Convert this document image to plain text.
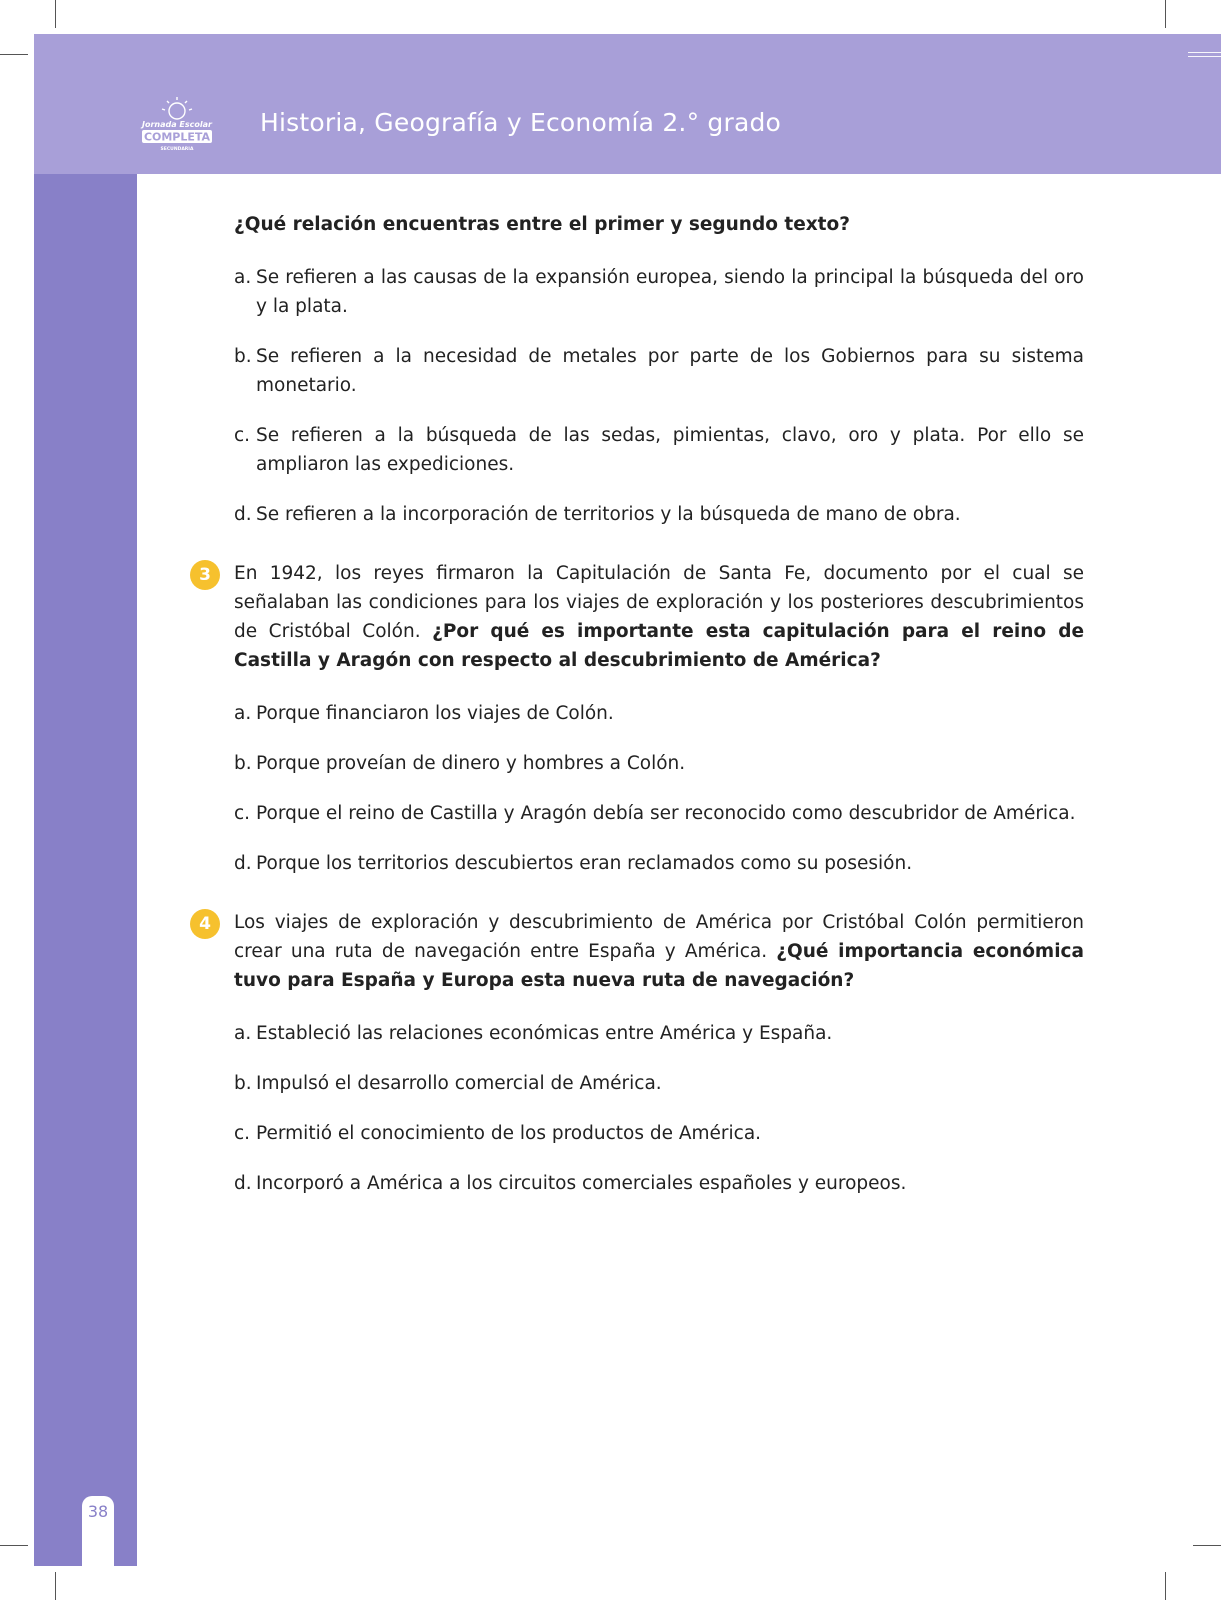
Jornada Escolar
COMPLETA
SECUNDARIA
Historia, Geografía y Economía 2.° grado
38

¿Qué relación encuentras entre el primer y segundo texto?

a. Se refieren a las causas de la expansión europea, siendo la principal la búsqueda del oro y la plata.
b. Se refieren a la necesidad de metales por parte de los Gobiernos para su sistema monetario.
c. Se refieren a la búsqueda de las sedas, pimientas, clavo, oro y plata. Por ello se ampliaron las expediciones.
d. Se refieren a la incorporación de territorios y la búsqueda de mano de obra.
3	En 1942, los reyes firmaron la Capitulación de Santa Fe, documento por el cual se señalaban las condiciones para los viajes de exploración y los posteriores descubrimientos de Cristóbal Colón. ¿Por qué es importante esta capitulación para el reino de Castilla y Aragón con respecto al descubrimiento de América?

a. Porque financiaron los viajes de Colón.
b. Porque proveían de dinero y hombres a Colón.
c. Porque el reino de Castilla y Aragón debía ser reconocido como descubridor de América.
d. Porque los territorios descubiertos eran reclamados como su posesión.
4	Los viajes de exploración y descubrimiento de América por Cristóbal Colón permitieron crear una ruta de navegación entre España y América. ¿Qué importancia económica tuvo para España y Europa esta nueva ruta de navegación?

a. Estableció las relaciones económicas entre América y España.
b. Impulsó el desarrollo comercial de América.
c. Permitió el conocimiento de los productos de América.
d. Incorporó a América a los circuitos comerciales españoles y europeos.
